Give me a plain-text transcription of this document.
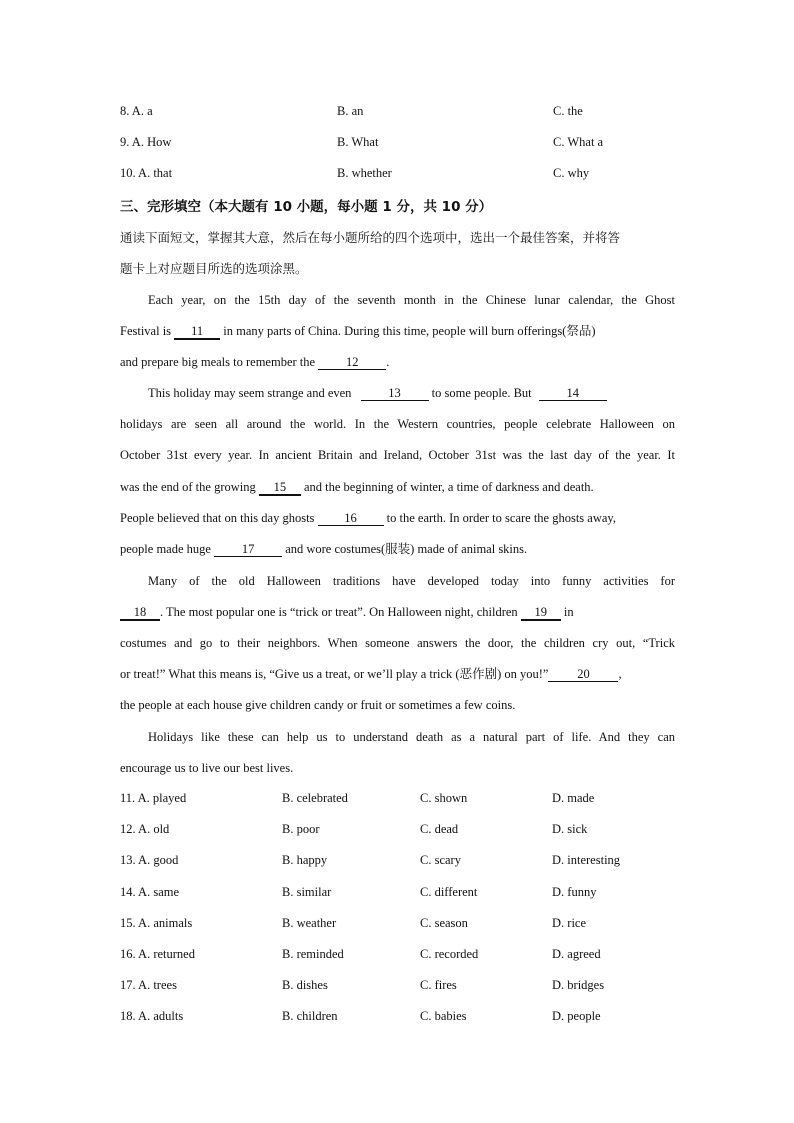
8. A. a	B. an	C. the
9. A. How	B. What	C. What a
10. A. that	B. whether	C. why
三、完形填空（本大题有 10 小题，每小题 1 分，共 10 分）
通读下面短文，掌握其大意，然后在每小题所给的四个选项中，选出一个最佳答案，并将答
题卡上对应题目所选的选项涂黑。
Each year, on the 15th day of the seventh month in the Chinese lunar calendar, the Ghost
Festival is 11 in many parts of China. During this time, people will burn offerings(祭品)
and prepare big meals to remember the 12 .
This holiday may seem strange and even	13 to some people. But	14
holidays are seen all around the world. In the Western countries, people celebrate Halloween on
October 31st every year. In ancient Britain and Ireland, October 31st was the last day of the year. It
was the end of the growing 15 and the beginning of winter, a time of darkness and death.
People believed that on this day ghosts 16 to the earth. In order to scare the ghosts away,
people made huge 17 and wore costumes(服装) made of animal skins.
Many of the old Halloween traditions have developed today into funny activities for
18 . The most popular one is “trick or treat”. On Halloween night, children 19 in
costumes and go to their neighbors. When someone answers the door, the children cry out, “Trick
or treat!” What this means is, “Give us a treat, or we’ll play a trick (恶作剧) on you!” 20 ,
the people at each house give children candy or fruit or sometimes a few coins.
Holidays like these can help us to understand death as a natural part of life. And they can
encourage us to live our best lives.
11. A. played	B. celebrated	C. shown	D. made
12. A. old	B. poor	C. dead	D. sick
13. A. good	B. happy	C. scary	D. interesting
14. A. same	B. similar	C. different	D. funny
15. A. animals	B. weather	C. season	D. rice
16. A. returned	B. reminded	C. recorded	D. agreed
17. A. trees	B. dishes	C. fires	D. bridges
18. A. adults	B. children	C. babies	D. people
